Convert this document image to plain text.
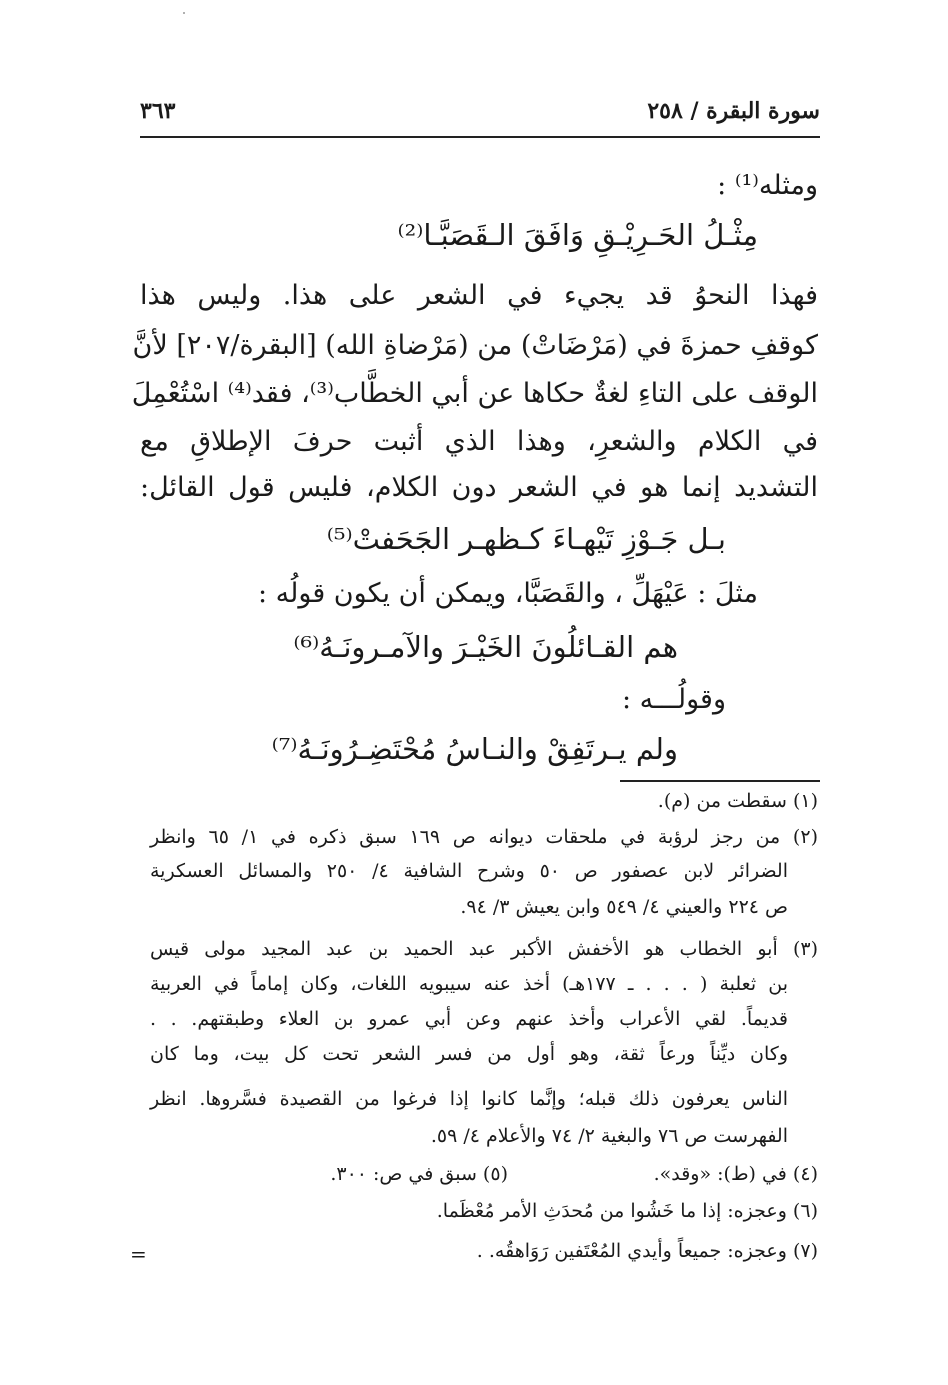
سورة البقرة / ٢٥٨
٣٦٣
ومثله⁽¹⁾ :
مِثْـلُ الحَـرِيْـقِ وَافَقَ الـقَصَبَّـا⁽²⁾
فهذا النحوُ قد يجيء في الشعر على هذا. وليس هذا
كوقفِ حمزةَ في (مَرْضَاتْ) من (مَرْضاةِ الله) [البقرة/٢٠٧] لأنَّ
الوقف على التاءِ لغةٌ حكاها عن أبي الخطَّاب⁽³⁾، فقد⁽⁴⁾ اسْتُعْمِلَ
في الكلام والشعرِ، وهذا الذي أثبت حرفَ الإطلاقِ مع
التشديد إنما هو في الشعر دون الكلام، فليس قول القائل:
بـل جَـوْزِ تَيْهـاءَ كـظهـر الجَحَفتْ⁽⁵⁾
مثلَ : عَيْهَلِّ ، والقَصَبَّا، ويمكن أن يكون قولُه :
هم القـائلُونَ الخَيْـرَ والآمـرونَـهُ⁽⁶⁾
وقولُـــه :
ولم يـرتَفِقْ والنـاسُ مُحْتَضِـرُونَـهُ⁽⁷⁾
(١) سقطت من (م).
(٢) من رجز لرؤبة في ملحقات ديوانه ص ١٦٩ سبق ذكره في ١/ ٦٥ وانظر
الضرائر لابن عصفور ص ٥٠ وشرح الشافية ٤/ ٢٥٠ والمسائل العسكرية
ص ٢٢٤ والعيني ٤/ ٥٤٩ وابن يعيش ٣/ ٩٤.
(٣) أبو الخطاب هو الأخفش الأكبر عبد الحميد بن عبد المجيد مولى قيس
بن ثعلبة ( . . . ـ ١٧٧هـ) أخذ عنه سيبويه اللغات، وكان إماماً في العربية
قديماً. لقي الأعراب وأخذ عنهم وعن أبي عمرو بن العلاء وطبقتهم. . .
وكان ديِّناً ورعاً ثقة، وهو أول من فسر الشعر تحت كل بيت، وما كان
الناس يعرفون ذلك قبله؛ وإنَّما كانوا إذا فرغوا من القصيدة فسَّروها. انظر
الفهرست ص ٧٦ والبغية ٢/ ٧٤ والأعلام ٤/ ٥٩.
(٤) في (ط): «وقد».
(٥) سبق في ص: ٣٠٠.
(٦) وعجزه: إذا ما خَشُوا من مُحدَثِ الأمر مُعْظَما.
(٧) وعجزه: جميعاً وأيدي المُعْتَفين رَوَاهقُه. .
=
